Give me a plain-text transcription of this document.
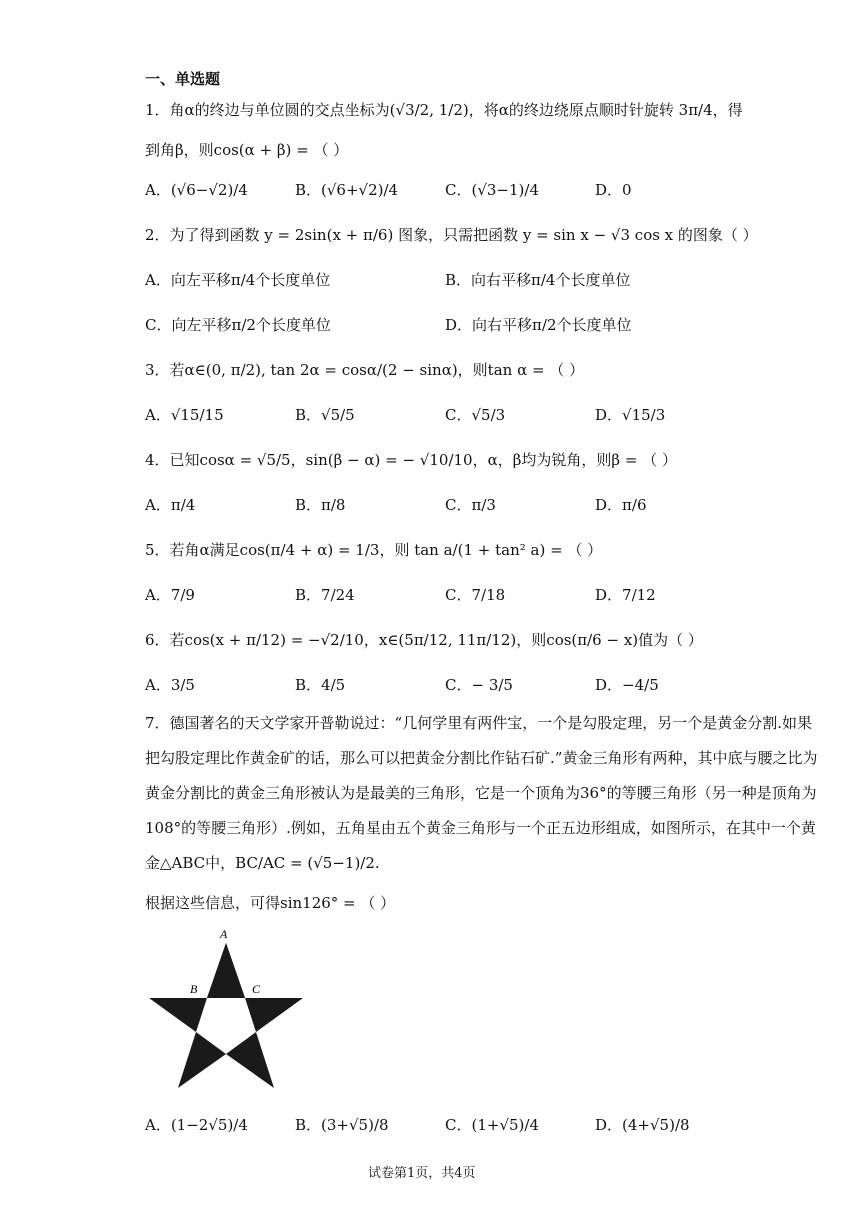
一、单选题
1．角α的终边与单位圆的交点坐标为(√3/2, 1/2)，将α的终边绕原点顺时针旋转 3π/4，得
到角β，则cos(α + β) = （ ）
A．(√6−√2)/4	B．(√6+√2)/4	C．(√3−1)/4	D．0
2．为了得到函数 y = 2sin(x + π/6) 图象，只需把函数 y = sin x − √3 cos x 的图象（ ）
A．向左平移π/4个长度单位	B．向右平移π/4个长度单位
C．向左平移π/2个长度单位	D．向右平移π/2个长度单位
3．若α∈(0, π/2), tan 2α = cosα/(2 − sinα)，则tan α = （ ）
A．√15/15	B．√5/5	C．√5/3	D．√15/3
4．已知cosα = √5/5，sin(β − α) = − √10/10，α，β均为锐角，则β = （ ）
A．π/4	B．π/8	C．π/3	D．π/6
5．若角α满足cos(π/4 + α) = 1/3，则 tan a/(1 + tan² a) = （ ）
A．7/9	B．7/24	C．7/18	D．7/12
6．若cos(x + π/12) = −√2/10，x∈(5π/12, 11π/12)，则cos(π/6 − x)值为（ ）
A．3/5	B．4/5	C．− 3/5	D．−4/5
7．德国著名的天文学家开普勒说过：“几何学里有两件宝，一个是勾股定理，另一个是黄金分割.如果把勾股定理比作黄金矿的话，那么可以把黄金分割比作钻石矿.”黄金三角形有两种，其中底与腰之比为黄金分割比的黄金三角形被认为是最美的三角形，它是一个顶角为36°的等腰三角形（另一种是顶角为108°的等腰三角形）.例如，五角星由五个黄金三角形与一个正五边形组成，如图所示，在其中一个黄金△ABC中，BC/AC = (√5−1)/2.
根据这些信息，可得sin126° = （ ）
A
B	C
A．(1−2√5)/4	B．(3+√5)/8	C．(1+√5)/4	D．(4+√5)/8
试卷第1页，共4页
